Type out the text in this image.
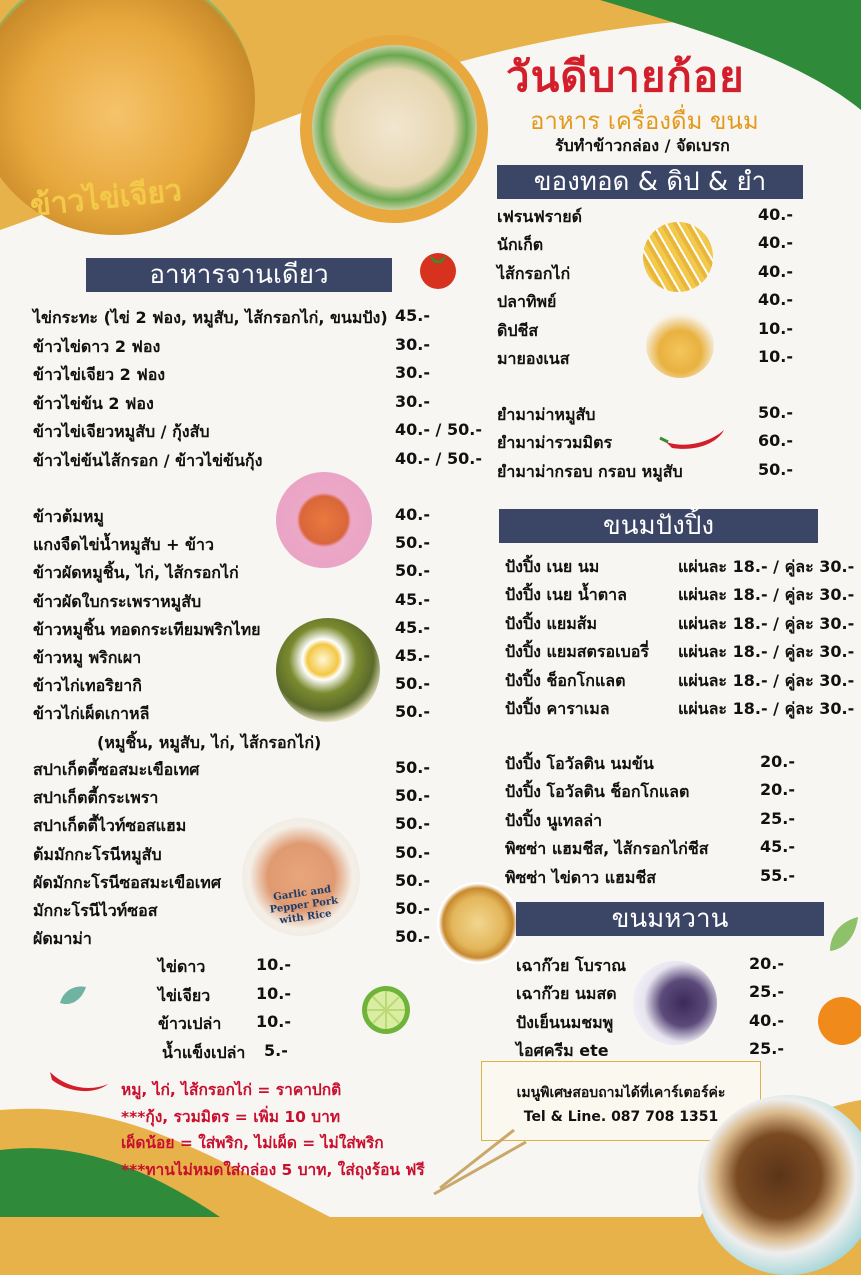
ข้าวไข่เจียว
วันดีบายก้อย
อาหาร เครื่องดื่ม ขนม
รับทำข้าวกล่อง / จัดเบรก
ของทอด & ดิป & ยำ
อาหารจานเดียว
ไข่กระทะ (ไข่ 2 ฟอง, หมูสับ, ไส้กรอกไก่, ขนมปัง) 45.-
ข้าวไข่ดาว 2 ฟอง	30.-
ข้าวไข่เจียว 2 ฟอง	30.-
ข้าวไข่ข้น 2 ฟอง	30.-
ข้าวไข่เจียวหมูสับ / กุ้งสับ	40.- / 50.-
ข้าวไข่ข้นไส้กรอก / ข้าวไข่ข้นกุ้ง	40.- / 50.-
ข้าวต้มหมู	40.-
แกงจืดไข่น้ำหมูสับ + ข้าว	50.-
ข้าวผัดหมูชิ้น, ไก่, ไส้กรอกไก่	50.-
ข้าวผัดใบกระเพราหมูสับ	45.-
ข้าวหมูชิ้น ทอดกระเทียมพริกไทย	45.-
ข้าวหมู พริกเผา	45.-
ข้าวไก่เทอริยากิ	50.-
ข้าวไก่เผ็ดเกาหลี	50.-
(หมูชิ้น, หมูสับ, ไก่, ไส้กรอกไก่)
สปาเก็ตตี้ซอสมะเขือเทศ	50.-
สปาเก็ตตี้กระเพรา	50.-
สปาเก็ตตี้ไวท์ซอสแฮม	50.-
ต้มมักกะโรนีหมูสับ	50.-
ผัดมักกะโรนีซอสมะเขือเทศ	50.-
มักกะโรนีไวท์ซอส	50.-
ผัดมาม่า	50.-
ไข่ดาว	10.-
ไข่เจียว	10.-
ข้าวเปล่า 10.-
น้ำแข็งเปล่า 5.-
Garlic and Pepper Pork with Rice
เฟรนฟรายด์	40.-
นักเก็ต	40.-
ไส้กรอกไก่	40.-
ปลาทิพย์	40.-
ดิปชีส	10.-
มายองเนส	10.-
ยำมาม่าหมูสับ	50.-
ยำมาม่ารวมมิตร	60.-
ยำมาม่ากรอบ กรอบ หมูสับ	50.-
ขนมปังปิ้ง
ปังปิ้ง เนย นม	แผ่นละ 18.- / คู่ละ 30.-
ปังปิ้ง เนย น้ำตาล	แผ่นละ 18.- / คู่ละ 30.-
ปังปิ้ง แยมส้ม	แผ่นละ 18.- / คู่ละ 30.-
ปังปิ้ง แยมสตรอเบอรี่ แผ่นละ 18.- / คู่ละ 30.-
ปังปิ้ง ช็อกโกแลต	แผ่นละ 18.- / คู่ละ 30.-
ปังปิ้ง คาราเมล	แผ่นละ 18.- / คู่ละ 30.-
ปังปิ้ง โอวัลติน นมข้น	20.-
ปังปิ้ง โอวัลติน ช็อกโกแลต	20.-
ปังปิ้ง นูเทลล่า	25.-
พิซซ่า แฮมชีส, ไส้กรอกไก่ชีส	45.-
พิซซ่า ไข่ดาว แฮมชีส	55.-
ขนมหวาน
เฉาก๊วย โบราณ	20.-
เฉาก๊วย นมสด	25.-
ปังเย็นนมชมพู	40.-
ไอศครีม ete	25.-
หมู, ไก่, ไส้กรอกไก่ = ราคาปกติ
***กุ้ง, รวมมิตร = เพิ่ม 10 บาท
เผ็ดน้อย = ใส่พริก, ไม่เผ็ด = ไม่ใส่พริก
***ทานไม่หมดใส่กล่อง 5 บาท, ใส่ถุงร้อน ฟรี
เมนูพิเศษสอบถามได้ที่เคาร์เตอร์ค่ะ
Tel & Line. 087 708 1351
